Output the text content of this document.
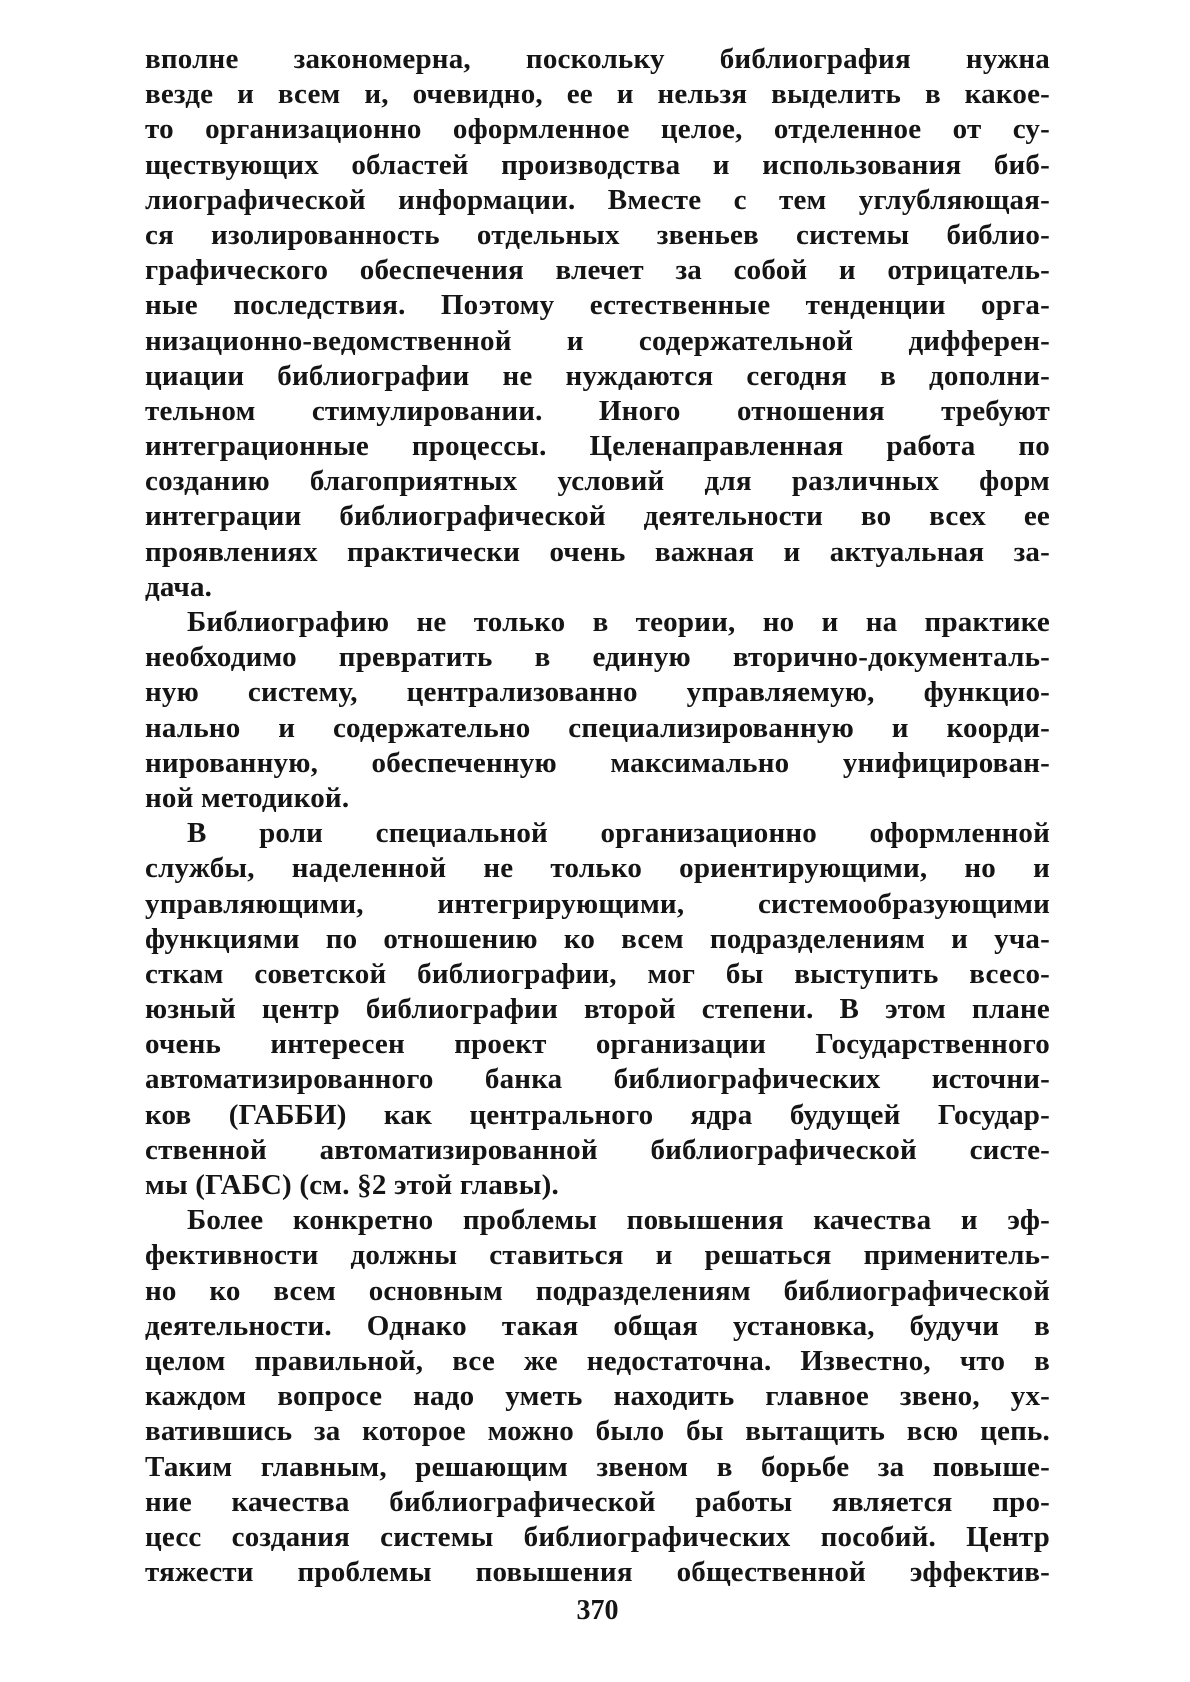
вполне закономерна, поскольку библиография нужна
везде и всем и, очевидно, ее и нельзя выделить в какое-
то организационно оформленное целое, отделенное от су-
ществующих областей производства и использования биб-
лиографической информации. Вместе с тем углубляющая-
ся изолированность отдельных звеньев системы библио-
графического обеспечения влечет за собой и отрицатель-
ные последствия. Поэтому естественные тенденции орга-
низационно-ведомственной и содержательной дифферен-
циации библиографии не нуждаются сегодня в дополни-
тельном стимулировании. Иного отношения требуют
интеграционные процессы. Целенаправленная работа по
созданию благоприятных условий для различных форм
интеграции библиографической деятельности во всех ее
проявлениях практически очень важная и актуальная за-
дача.
Библиографию не только в теории, но и на практике
необходимо превратить в единую вторично-документаль-
ную систему, централизованно управляемую, функцио-
нально и содержательно специализированную и коорди-
нированную, обеспеченную максимально унифицирован-
ной методикой.
В роли специальной организационно оформленной
службы, наделенной не только ориентирующими, но и
управляющими, интегрирующими, системообразующими
функциями по отношению ко всем подразделениям и уча-
сткам советской библиографии, мог бы выступить всесо-
юзный центр библиографии второй степени. В этом плане
очень интересен проект организации Государственного
автоматизированного банка библиографических источни-
ков (ГАББИ) как центрального ядра будущей Государ-
ственной автоматизированной библиографической систе-
мы (ГАБС) (см. §2 этой главы).
Более конкретно проблемы повышения качества и эф-
фективности должны ставиться и решаться применитель-
но ко всем основным подразделениям библиографической
деятельности. Однако такая общая установка, будучи в
целом правильной, все же недостаточна. Известно, что в
каждом вопросе надо уметь находить главное звено, ух-
ватившись за которое можно было бы вытащить всю цепь.
Таким главным, решающим звеном в борьбе за повыше-
ние качества библиографической работы является про-
цесс создания системы библиографических пособий. Центр
тяжести проблемы повышения общественной эффектив-
370
